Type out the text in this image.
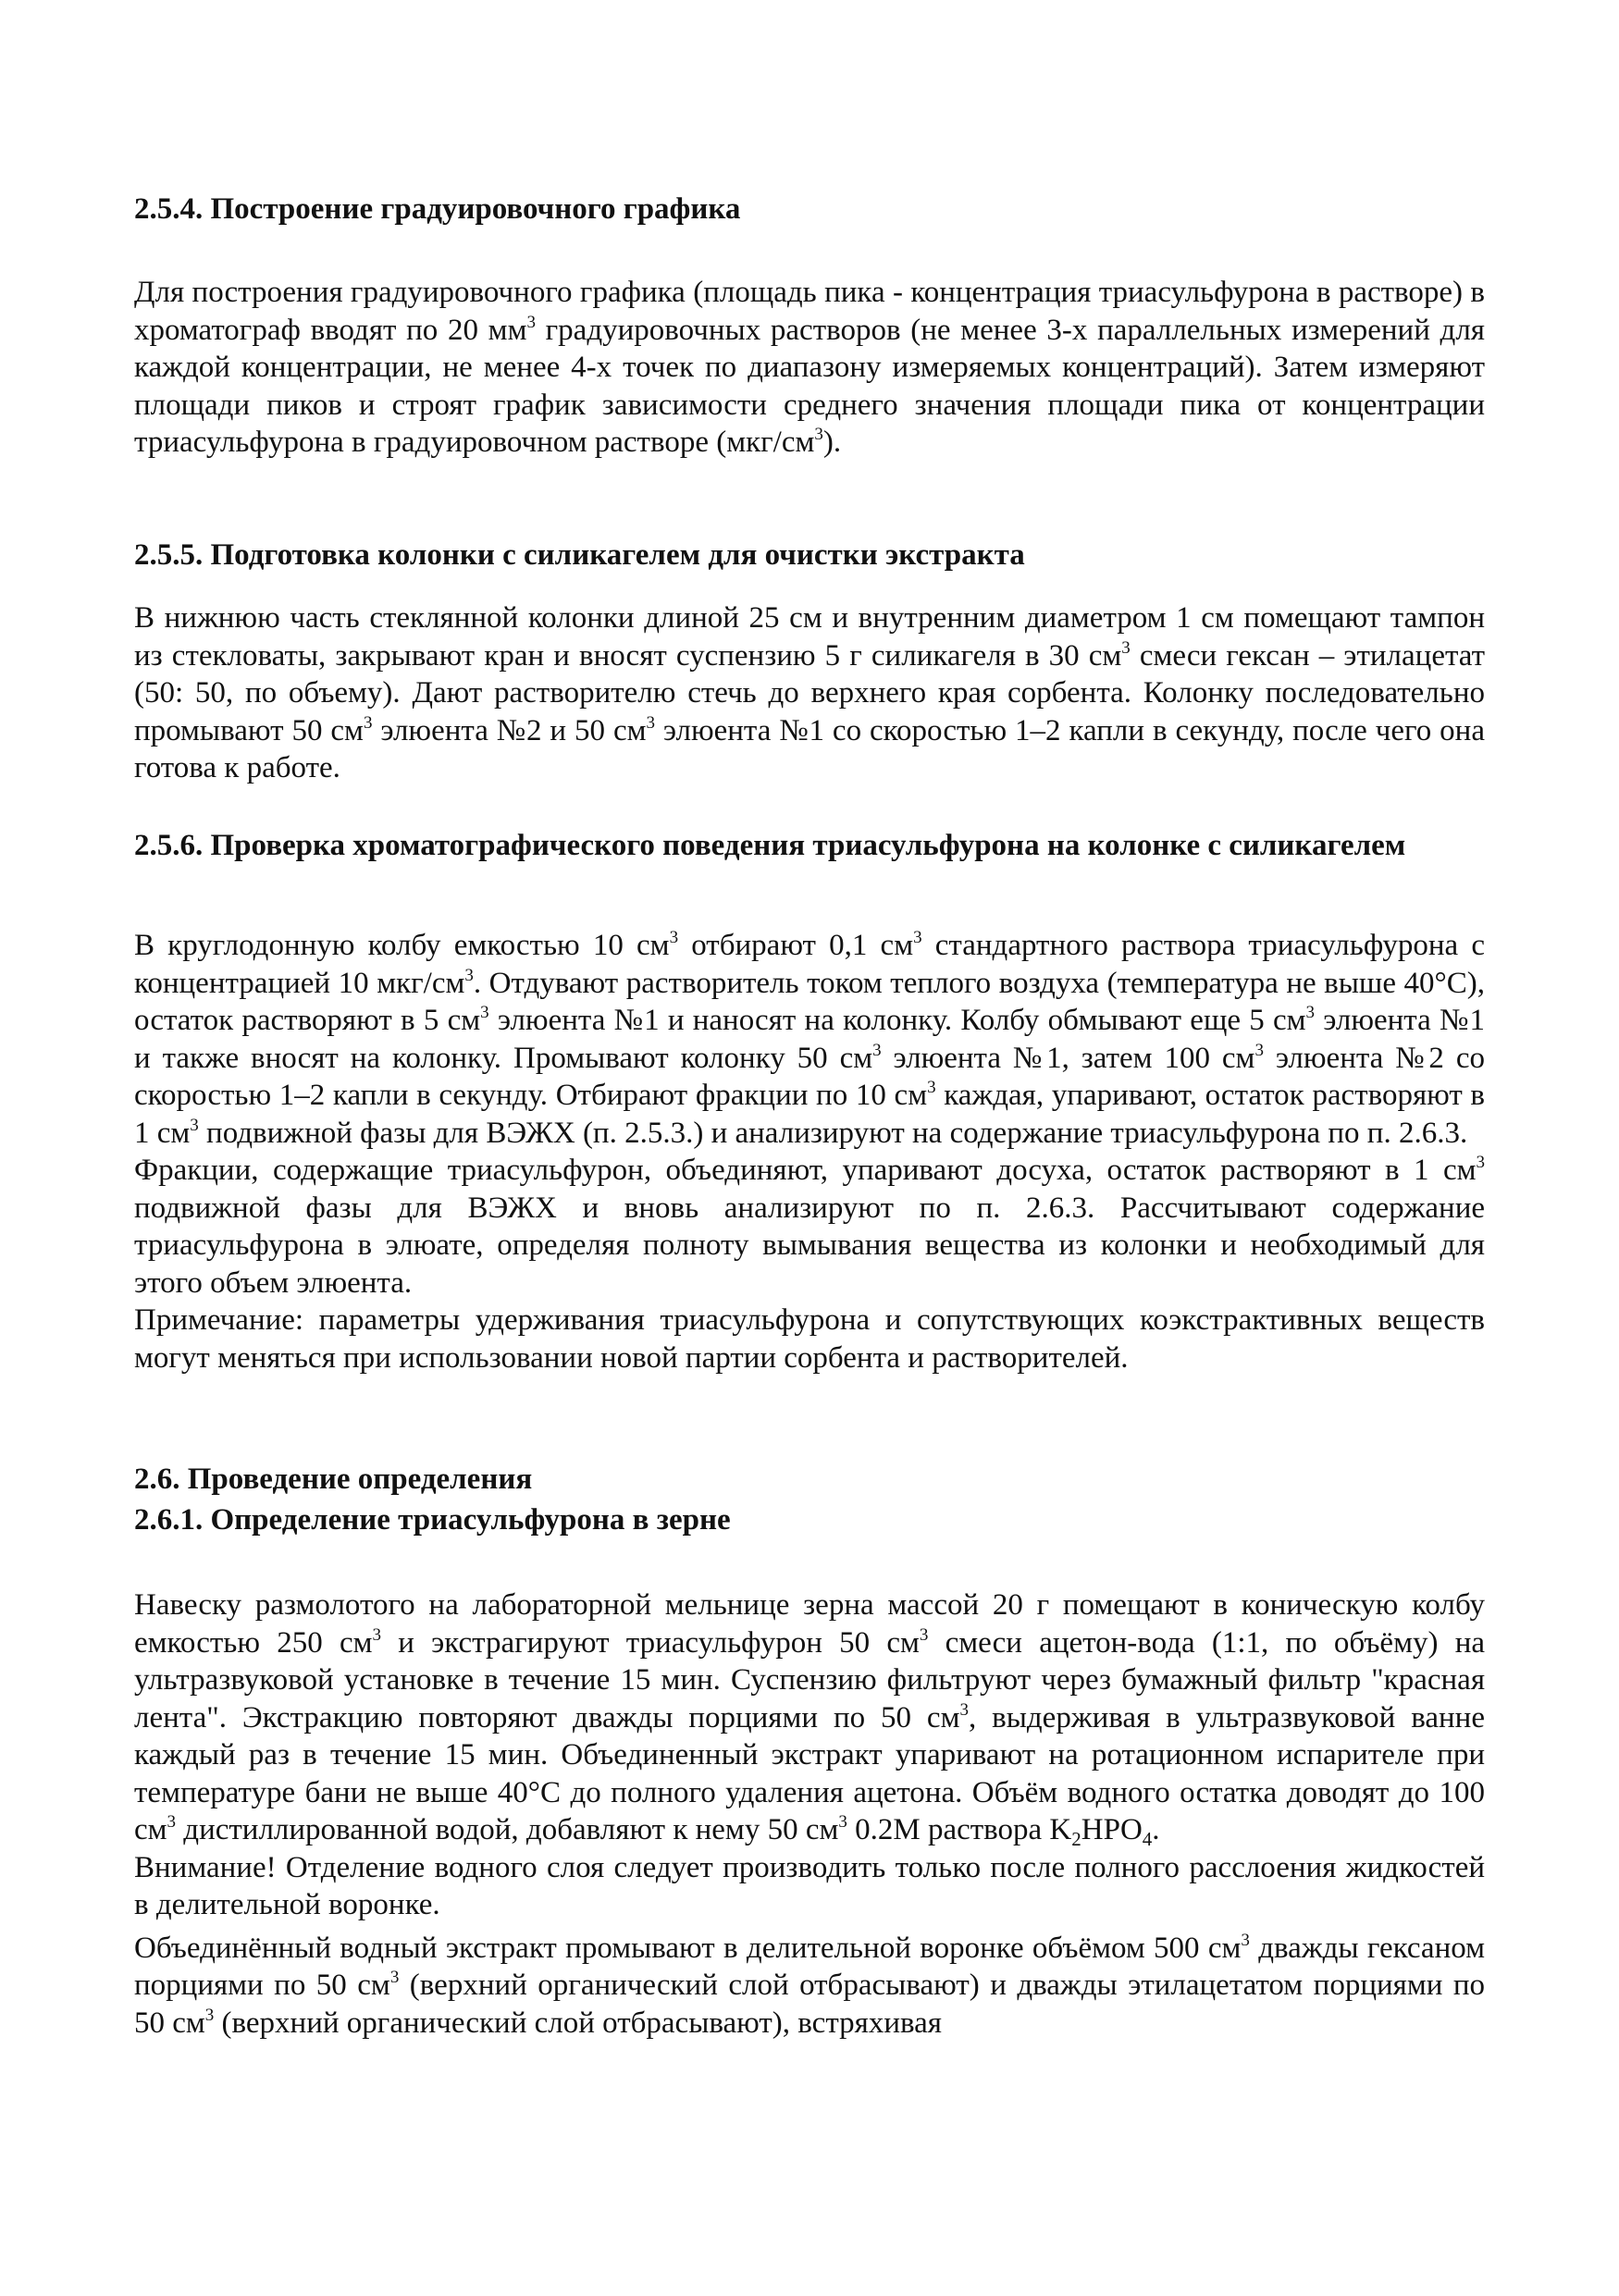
2.5.4. Построение градуировочного графика

Для построения градуировочного графика (площадь пика - концентрация триасульфурона в растворе) в хроматограф вводят по 20 $мм^3$ градуировочных растворов (не менее 3-х параллельных измерений для каждой концентрации, не менее 4-х точек по диапазону измеряемых концентраций). Затем измеряют площади пиков и строят график зависимости среднего значения площади пика от концентрации триасульфурона в градуировочном растворе $(мкг/см^3)$.

2.5.5. Подготовка колонки с силикагелем для очистки экстракта

В нижнюю часть стеклянной колонки длиной 25 см и внутренним диаметром 1 см помещают тампон из стекловаты, закрывают кран и вносят суспензию 5 г силикагеля в 30 $см^3$ смеси гексан – этилацетат (50: 50, по объему). Дают растворителю стечь до верхнего края сорбента. Колонку последовательно промывают 50 $см^3$ элюента №2 и 50 $см^3$ элюента №1 со скоростью 1–2 капли в секунду, после чего она готова к работе.

2.5.6. Проверка хроматографического поведения триасульфурона на колонке с силикагелем

В круглодонную колбу емкостью 10 $см^3$ отбирают 0,1 $см^3$ стандартного раствора триасульфурона с концентрацией 10 мкг/$см^3$. Отдувают растворитель током теплого воздуха (температура не выше 40°С), остаток растворяют в 5 $см^3$ элюента №1 и наносят на колонку. Колбу обмывают еще 5 $см^3$ элюента №1 и также вносят на колонку. Промывают колонку 50 $см^3$ элюента №1, затем 100 $см^3$ элюента №2 со скоростью 1–2 капли в секунду. Отбирают фракции по 10 $см^3$ каждая, упаривают, остаток растворяют в 1 $см^3$ подвижной фазы для ВЭЖХ (п. 2.5.3.) и анализируют на содержание триасульфурона по п. 2.6.3.

Фракции, содержащие триасульфурон, объединяют, упаривают досуха, остаток растворяют в 1 $см^3$ подвижной фазы для ВЭЖХ и вновь анализируют по п. 2.6.3. Рассчитывают содержание триасульфурона в элюате, определяя полноту вымывания вещества из колонки и необходимый для этого объем элюента.

Примечание: параметры удерживания триасульфурона и сопутствующих коэкстрактивных веществ могут меняться при использовании новой партии сорбента и растворителей.

2.6. Проведение определения

2.6.1. Определение триасульфурона в зерне

Навеску размолотого на лабораторной мельнице зерна массой 20 г помещают в коническую колбу емкостью 250 $см^3$ и экстрагируют триасульфурон 50 $см^3$ смеси ацетон-вода (1:1, по объёму) на ультразвуковой установке в течение 15 мин. Суспензию фильтруют через бумажный фильтр "красная лента". Экстракцию повторяют дважды порциями по 50 $см^3$, выдерживая в ультразвуковой ванне каждый раз в течение 15 мин. Объединенный экстракт упаривают на ротационном испарителе при температуре бани не выше 40°С до полного удаления ацетона. Объём водного остатка доводят до 100 $см^3$ дистиллированной водой, добавляют к нему 50 $см^3$ 0.2М раствора $K_2HPO_4$.

Внимание! Отделение водного слоя следует производить только после полного расслоения жидкостей в делительной воронке.

Объединённый водный экстракт промывают в делительной воронке объёмом 500 $см^3$ дважды гексаном порциями по 50 $см^3$ (верхний органический слой отбрасывают) и дважды этилацетатом порциями по 50 $см^3$ (верхний органический слой отбрасывают), встряхивая
